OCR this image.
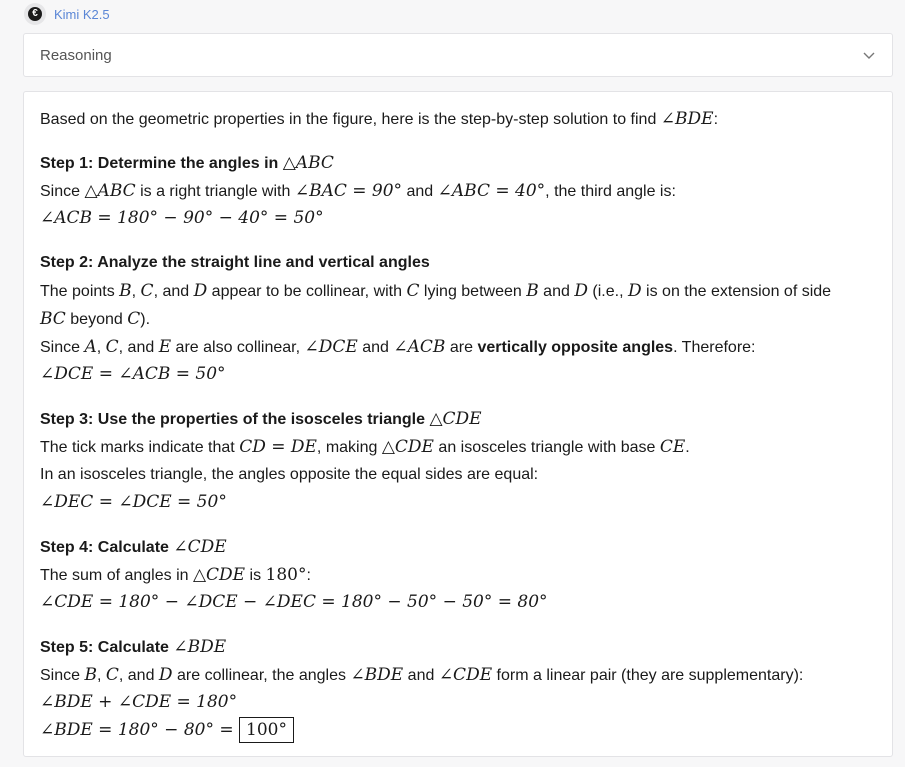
€	Kimi K2.5
Reasoning
Based on the geometric properties in the figure, here is the step-by-step solution to find ∠BDE:
Step 1: Determine the angles in △ABC
Since △ABC is a right triangle with ∠BAC = 90° and ∠ABC = 40°, the third angle is:
∠ACB = 180° − 90° − 40° = 50°
Step 2: Analyze the straight line and vertical angles
The points B, C, and D appear to be collinear, with C lying between B and D (i.e., D is on the extension of side
BC beyond C).
Since A, C, and E are also collinear, ∠DCE and ∠ACB are vertically opposite angles. Therefore:
∠DCE = ∠ACB = 50°
Step 3: Use the properties of the isosceles triangle △CDE
The tick marks indicate that CD = DE, making △CDE an isosceles triangle with base CE.
In an isosceles triangle, the angles opposite the equal sides are equal:
∠DEC = ∠DCE = 50°
Step 4: Calculate ∠CDE
The sum of angles in △CDE is 180°:
∠CDE = 180° − ∠DCE − ∠DEC = 180° − 50° − 50° = 80°
Step 5: Calculate ∠BDE
Since B, C, and D are collinear, the angles ∠BDE and ∠CDE form a linear pair (they are supplementary):
∠BDE + ∠CDE = 180°
∠BDE = 180° − 80° = 100°
